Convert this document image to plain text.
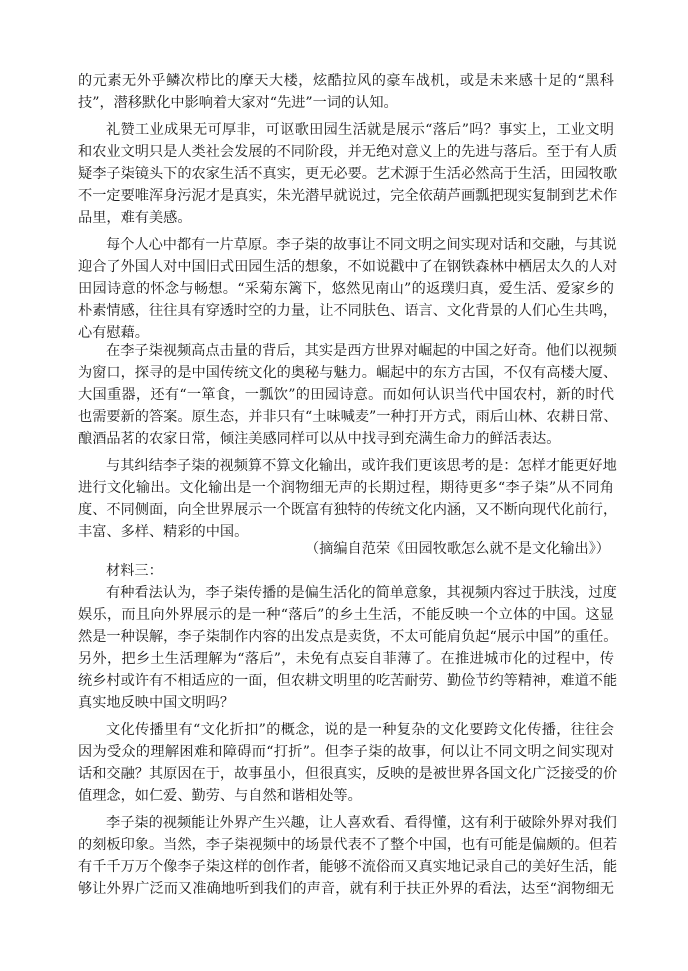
的元素无外乎鳞次栉比的摩天大楼，炫酷拉风的豪车战机，或是未来感十足的“黑科
技”，潜移默化中影响着大家对“先进”一词的认知。
礼赞工业成果无可厚非，可讴歌田园生活就是展示“落后”吗？事实上，工业文明
和农业文明只是人类社会发展的不同阶段，并无绝对意义上的先进与落后。至于有人质
疑李子柒镜头下的农家生活不真实，更无必要。艺术源于生活必然高于生活，田园牧歌
不一定要唯浑身污泥才是真实，朱光潜早就说过，完全依葫芦画瓢把现实复制到艺术作
品里，难有美感。
每个人心中都有一片草原。李子柒的故事让不同文明之间实现对话和交融，与其说
迎合了外国人对中国旧式田园生活的想象，不如说戳中了在钢铁森林中栖居太久的人对
田园诗意的怀念与畅想。“采菊东篱下，悠然见南山”的返璞归真，爱生活、爱家乡的
朴素情感，往往具有穿透时空的力量，让不同肤色、语言、文化背景的人们心生共鸣，
心有慰藉。
在李子柒视频高点击量的背后，其实是西方世界对崛起的中国之好奇。他们以视频
为窗口，探寻的是中国传统文化的奥秘与魅力。崛起中的东方古国，不仅有高楼大厦、
大国重器，还有“一箪食，一瓢饮”的田园诗意。而如何认识当代中国农村，新的时代
也需要新的答案。原生态，并非只有“土味喊麦”一种打开方式，雨后山林、农耕日常、
酿酒品茗的农家日常，倾注美感同样可以从中找寻到充满生命力的鲜活表达。
与其纠结李子柒的视频算不算文化输出，或许我们更该思考的是：怎样才能更好地
进行文化输出。文化输出是一个润物细无声的长期过程，期待更多“李子柒”从不同角
度、不同侧面，向全世界展示一个既富有独特的传统文化内涵，又不断向现代化前行，
丰富、多样、精彩的中国。
（摘编自范荣《田园牧歌怎么就不是文化输出》）
材料三：
有种看法认为，李子柒传播的是偏生活化的简单意象，其视频内容过于肤浅，过度
娱乐，而且向外界展示的是一种“落后”的乡土生活，不能反映一个立体的中国。这显
然是一种误解，李子柒制作内容的出发点是卖货，不太可能肩负起“展示中国”的重任。
另外，把乡土生活理解为“落后”，未免有点妄自菲薄了。在推进城市化的过程中，传
统乡村或许有不相适应的一面，但农耕文明里的吃苦耐劳、勤俭节约等精神，难道不能
真实地反映中国文明吗？
文化传播里有“文化折扣”的概念，说的是一种复杂的文化要跨文化传播，往往会
因为受众的理解困难和障碍而“打折”。但李子柒的故事，何以让不同文明之间实现对
话和交融？其原因在于，故事虽小，但很真实，反映的是被世界各国文化广泛接受的价
值理念，如仁爱、勤劳、与自然和谐相处等。
李子柒的视频能让外界产生兴趣，让人喜欢看、看得懂，这有利于破除外界对我们
的刻板印象。当然，李子柒视频中的场景代表不了整个中国，也有可能是偏颇的。但若
有千千万万个像李子柒这样的创作者，能够不流俗而又真实地记录自己的美好生活，能
够让外界广泛而又准确地听到我们的声音，就有利于扶正外界的看法，达至“润物细无
